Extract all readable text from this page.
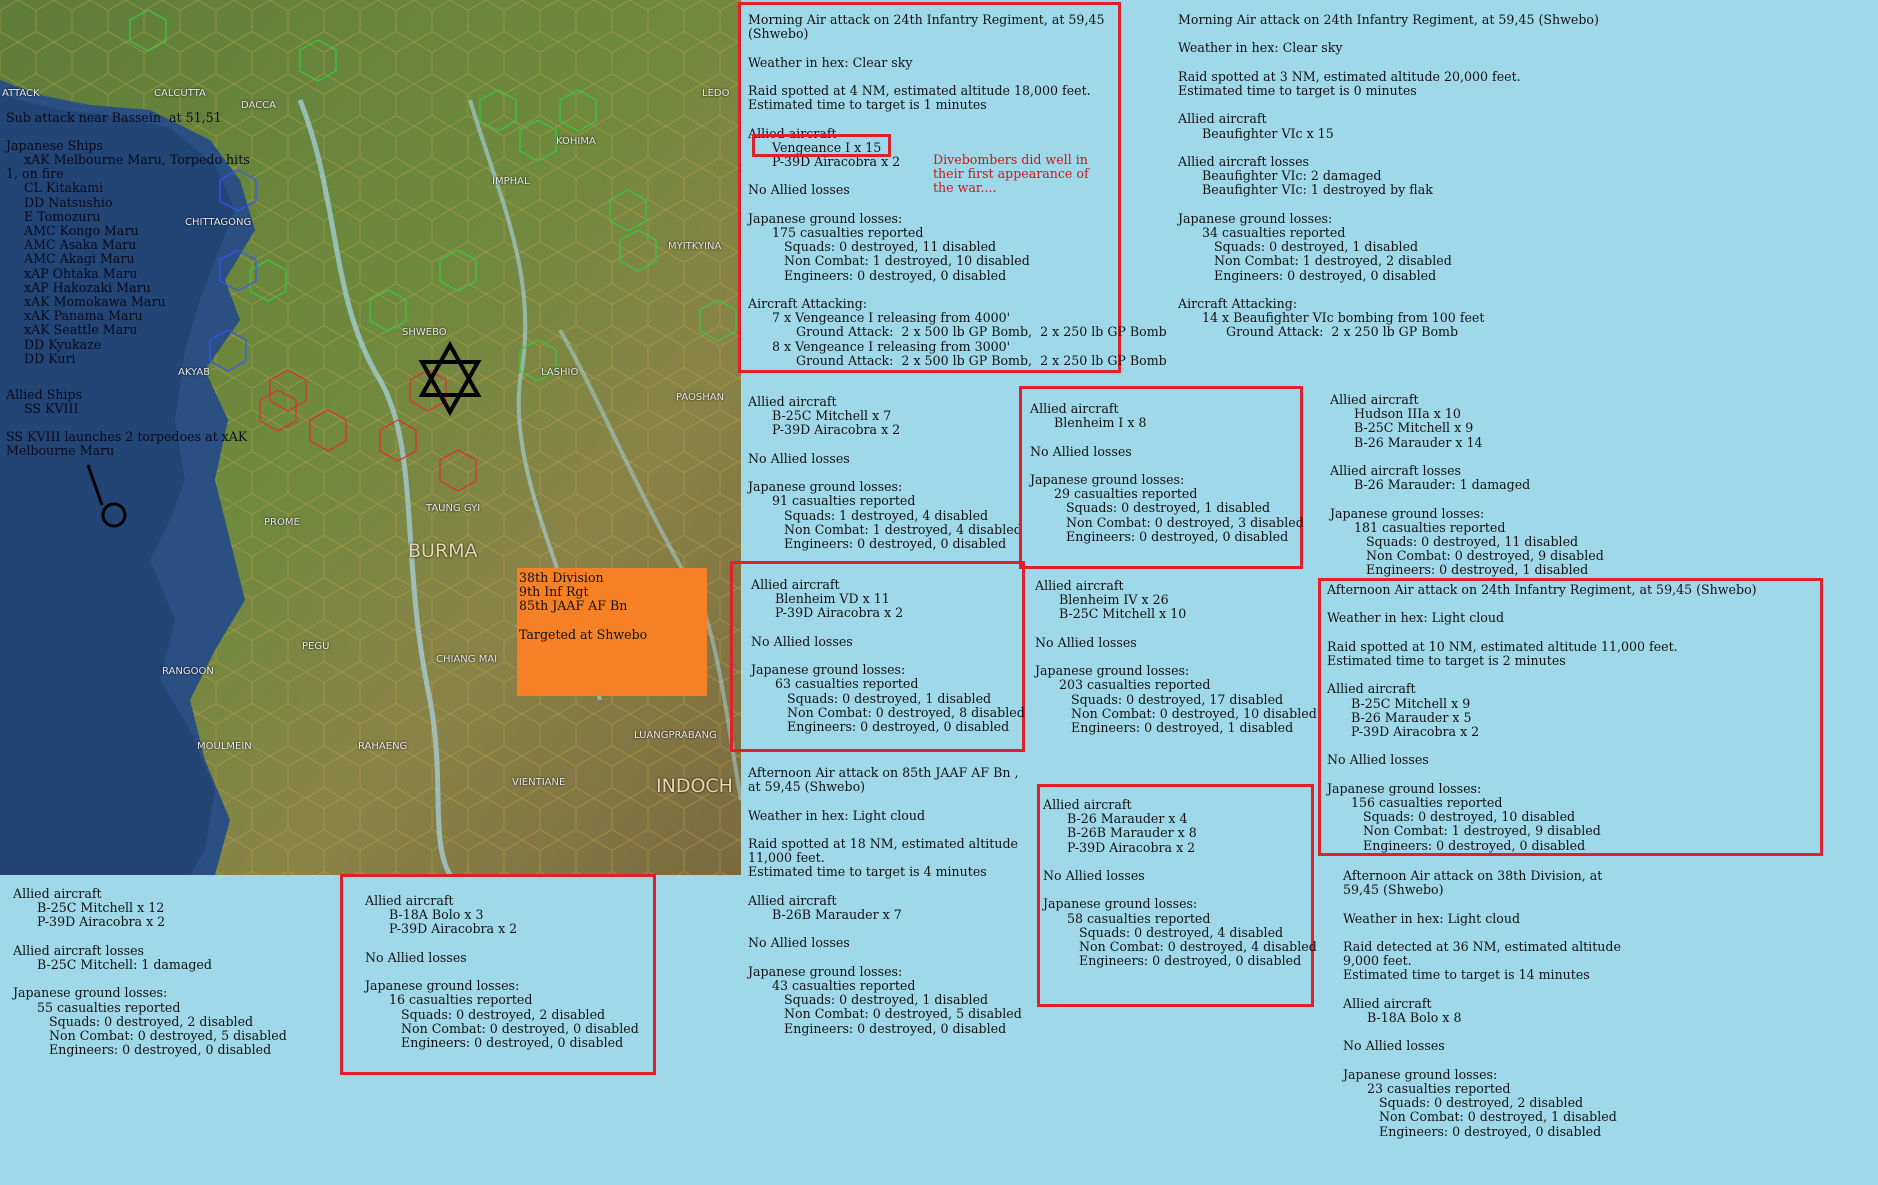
ATTACK	CALCUTTA
DACCA
LEDO
KOHIMA
IMPHAL
CHITTAGONG
MYITKYINA
AKYAB
SHWEBO
LASHIO
PAOSHAN
PROME
TAUNG GYI
BURMA
PEGU
CHIANG MAI
RANGOON
MOULMEIN	RAHAENG
VIENTIANE
LUANGPRABANG
INDOCH
Sub attack near Bassein  at 51,51
Japanese Ships
xAK Melbourne Maru, Torpedo hits 1, on fire
CL Kitakami
DD Natsushio
E Tomozuru
AMC Kongo Maru
AMC Asaka Maru
AMC Akagi Maru
xAP Ohtaka Maru
xAP Hakozaki Maru
xAK Momokawa Maru
xAK Panama Maru
xAK Seattle Maru
DD Kyukaze
DD Kuri
Allied Ships
SS KVIII
SS KVIII launches 2 torpedoes at xAK Melbourne Maru
38th Division
9th Inf Rgt
85th JAAF AF Bn

Targeted at Shwebo
Morning Air attack on 24th Infantry Regiment, at 59,45
(Shwebo)

Weather in hex: Clear sky

Raid spotted at 4 NM, estimated altitude 18,000 feet.
Estimated time to target is 1 minutes

Allied aircraft
Vengeance I x 15
P-39D Airacobra x 2

No Allied losses

Japanese ground losses:
175 casualties reported
Squads: 0 destroyed, 11 disabled
Non Combat: 1 destroyed, 10 disabled
Engineers: 0 destroyed, 0 disabled

Aircraft Attacking:
7 x Vengeance I releasing from 4000'
Ground Attack:  2 x 500 lb GP Bomb,  2 x 250 lb GP Bomb
8 x Vengeance I releasing from 3000'
Ground Attack:  2 x 500 lb GP Bomb,  2 x 250 lb GP Bomb
Divebombers did well in
their first appearance of
the war....
Morning Air attack on 24th Infantry Regiment, at 59,45 (Shwebo)

Weather in hex: Clear sky

Raid spotted at 3 NM, estimated altitude 20,000 feet.
Estimated time to target is 0 minutes

Allied aircraft
Beaufighter VIc x 15

Allied aircraft losses
Beaufighter VIc: 2 damaged
Beaufighter VIc: 1 destroyed by flak

Japanese ground losses:
34 casualties reported
Squads: 0 destroyed, 1 disabled
Non Combat: 1 destroyed, 2 disabled
Engineers: 0 destroyed, 0 disabled

Aircraft Attacking:
14 x Beaufighter VIc bombing from 100 feet
Ground Attack:  2 x 250 lb GP Bomb
Allied aircraft
B-25C Mitchell x 7
P-39D Airacobra x 2

No Allied losses

Japanese ground losses:
91 casualties reported
Squads: 1 destroyed, 4 disabled
Non Combat: 1 destroyed, 4 disabled
Engineers: 0 destroyed, 0 disabled
Allied aircraft
Blenheim I x 8

No Allied losses

Japanese ground losses:
29 casualties reported
Squads: 0 destroyed, 1 disabled
Non Combat: 0 destroyed, 3 disabled
Engineers: 0 destroyed, 0 disabled
Allied aircraft
Hudson IIIa x 10
B-25C Mitchell x 9
B-26 Marauder x 14

Allied aircraft losses
B-26 Marauder: 1 damaged

Japanese ground losses:
181 casualties reported
Squads: 0 destroyed, 11 disabled
Non Combat: 0 destroyed, 9 disabled
Engineers: 0 destroyed, 1 disabled
Allied aircraft
Blenheim VD x 11
P-39D Airacobra x 2

No Allied losses

Japanese ground losses:
63 casualties reported
Squads: 0 destroyed, 1 disabled
Non Combat: 0 destroyed, 8 disabled
Engineers: 0 destroyed, 0 disabled
Allied aircraft
Blenheim IV x 26
B-25C Mitchell x 10

No Allied losses

Japanese ground losses:
203 casualties reported
Squads: 0 destroyed, 17 disabled
Non Combat: 0 destroyed, 10 disabled
Engineers: 0 destroyed, 1 disabled
Afternoon Air attack on 24th Infantry Regiment, at 59,45 (Shwebo)

Weather in hex: Light cloud

Raid spotted at 10 NM, estimated altitude 11,000 feet.
Estimated time to target is 2 minutes

Allied aircraft
B-25C Mitchell x 9
B-26 Marauder x 5
P-39D Airacobra x 2

No Allied losses

Japanese ground losses:
156 casualties reported
Squads: 0 destroyed, 10 disabled
Non Combat: 1 destroyed, 9 disabled
Engineers: 0 destroyed, 0 disabled
Afternoon Air attack on 85th JAAF AF Bn ,
at 59,45 (Shwebo)

Weather in hex: Light cloud

Raid spotted at 18 NM, estimated altitude
11,000 feet.
Estimated time to target is 4 minutes

Allied aircraft
B-26B Marauder x 7

No Allied losses

Japanese ground losses:
43 casualties reported
Squads: 0 destroyed, 1 disabled
Non Combat: 0 destroyed, 5 disabled
Engineers: 0 destroyed, 0 disabled
Allied aircraft
B-26 Marauder x 4
B-26B Marauder x 8
P-39D Airacobra x 2

No Allied losses

Japanese ground losses:
58 casualties reported
Squads: 0 destroyed, 4 disabled
Non Combat: 0 destroyed, 4 disabled
Engineers: 0 destroyed, 0 disabled
Afternoon Air attack on 38th Division, at
59,45 (Shwebo)

Weather in hex: Light cloud

Raid detected at 36 NM, estimated altitude
9,000 feet.
Estimated time to target is 14 minutes

Allied aircraft
B-18A Bolo x 8

No Allied losses

Japanese ground losses:
23 casualties reported
Squads: 0 destroyed, 2 disabled
Non Combat: 0 destroyed, 1 disabled
Engineers: 0 destroyed, 0 disabled
Allied aircraft
B-25C Mitchell x 12
P-39D Airacobra x 2

Allied aircraft losses
B-25C Mitchell: 1 damaged

Japanese ground losses:
55 casualties reported
Squads: 0 destroyed, 2 disabled
Non Combat: 0 destroyed, 5 disabled
Engineers: 0 destroyed, 0 disabled
Allied aircraft
B-18A Bolo x 3
P-39D Airacobra x 2

No Allied losses

Japanese ground losses:
16 casualties reported
Squads: 0 destroyed, 2 disabled
Non Combat: 0 destroyed, 0 disabled
Engineers: 0 destroyed, 0 disabled
